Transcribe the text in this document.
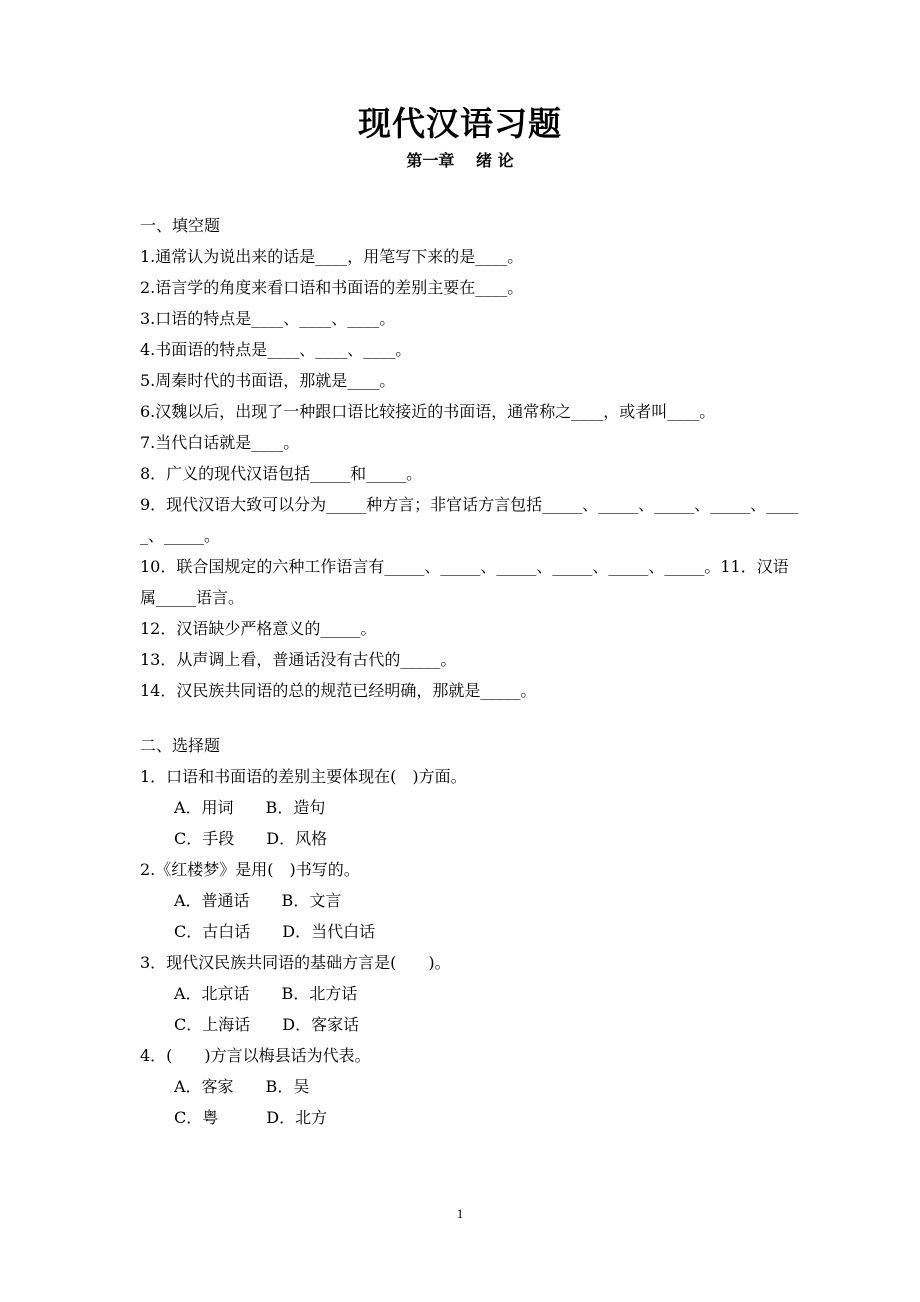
现代汉语习题
第一章　 绪 论
一、填空题
1.通常认为说出来的话是____，用笔写下来的是____。
2.语言学的角度来看口语和书面语的差别主要在____。
3.口语的特点是____、____、____。
4.书面语的特点是____、____、____。
5.周秦时代的书面语，那就是____。
6.汉魏以后，出现了一种跟口语比较接近的书面语，通常称之____，或者叫____。
7.当代白话就是____。
8．广义的现代汉语包括_____和_____。
9．现代汉语大致可以分为_____种方言；非官话方言包括_____、_____、_____、_____、_____、_____。
10．联合国规定的六种工作语言有_____、_____、_____、_____、_____、_____。11．汉语属_____语言。
12．汉语缺少严格意义的_____。
13．从声调上看，普通话没有古代的_____。
14．汉民族共同语的总的规范已经明确，那就是_____。
二、选择题
1．口语和书面语的差别主要体现在(　)方面。
A．用词　　B．造句
C．手段　　D．风格
2.《红楼梦》是用(　)书写的。
A．普通话　　B．文言
C．古白话　　D．当代白话
3．现代汉民族共同语的基础方言是(　　)。
A．北京话　　B．北方话
C．上海话　　D．客家话
4．(　　)方言以梅县话为代表。
A．客家　　B．吴
C．粤　　　D．北方
1
